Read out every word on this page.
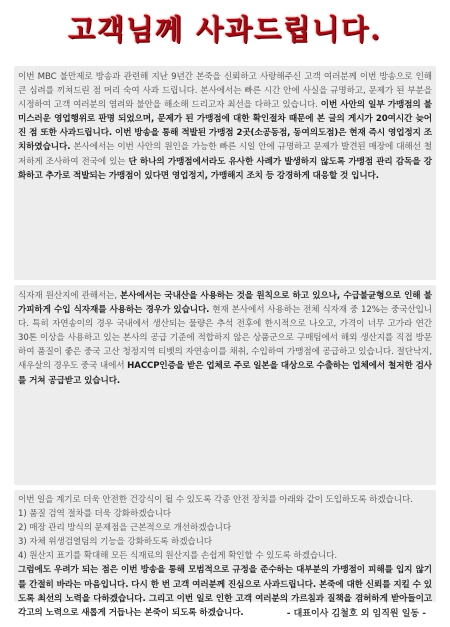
고객님께 사과드립니다.
이번 MBC 불만제로 방송과 관련해 지난 9년간 본죽을 신뢰하고 사랑해주신 고객 여러분께 이번 방송으로 인해 큰 심려를 끼쳐드린 점 머리 숙여 사과 드립니다. 본사에서는 빠른 시간 안에 사실을 규명하고, 문제가 된 부분을 시정하여 고객 여러분의 염려와 불안을 해소해 드리고자 최선을 다하고 있습니다. 이번 사안의 일부 가맹점의 불미스러운 영업행위로 판명 되었으며, 문제가 된 가맹점에 대한 확인절차 때문에 본 글의 게시가 20여시간 늦어진 점 또한 사과드립니다. 이번 방송을 통해 적발된 가맹점 2곳(소공동점, 동여의도점)은 현재 즉시 영업정지 조치하였습니다. 본사에서는 이번 사안의 원인을 가능한 빠른 시일 안에 규명하고 문제가 발견된 매장에 대해선 철저하게 조사하여 전국에 있는 단 하나의 가맹점에서라도 유사한 사례가 발생하지 않도록 가맹점 관리 감독을 강화하고 추가로 적발되는 가맹점이 있다면 영업정지, 가맹해지 조치 등 강경하게 대응할 것 입니다.
식자재 원산지에 관해서는, 본사에서는 국내산을 사용하는 것을 원칙으로 하고 있으나, 수급불균형으로 인해 불가피하게 수입 식자재를 사용하는 경우가 있습니다. 현재 본사에서 사용하는 전체 식자재 중 12%는 중국산입니다. 특히 자연송이의 경우 국내에서 생산되는 물량은 추석 전후에 한시적으로 나오고, 가격이 너무 고가라 연간 30톤 이상을 사용하고 있는 본사의 공급 기준에 적합하지 않은 상품군으로 구매팀에서 해외 생산지를 직접 방문하여 품질이 좋은 중국 고산 청정지역 티벳의 자연송이를 채취, 수입하여 가맹점에 공급하고 있습니다. 절단낙지, 새우살의 경우도 중국 내에서 HACCP인증을 받은 업체로 주로 일본을 대상으로 수출하는 업체에서 철저한 검사를 거쳐 공급받고 있습니다.
이번 일을 계기로 더욱 안전한 건강식이 될 수 있도록 각종 안전 장치를 아래와 같이 도입하도록 하겠습니다.
1) 품질 검역 절차를 더욱 강화하겠습니다
2) 매장 관리 방식의 문제점을 근본적으로 개선하겠습니다
3) 자체 위생검열팀의 기능을 강화하도록 하겠습니다
4) 원산지 표기를 확대해 모든 식재료의 원산지를 손쉽게 확인할 수 있도록 하겠습니다.
그럼에도 우려가 되는 점은 이번 방송을 통해 모범적으로 규정을 준수하는 대부분의 가맹점이 피해를 입지 않기를 간절히 바라는 마음입니다. 다시 한 번 고객 여러분께 진심으로 사과드립니다. 본죽에 대한 신뢰를 지킬 수 있도록 최선의 노력을 다하겠습니다. 그리고 이번 일로 인한 고객 여러분의 가르침과 질책을 겸허하게 받아들이고 각고의 노력으로 새롭게 거듭나는 본죽이 되도록 하겠습니다.	- 대표이사 김철호 외 임직원 일동 -
